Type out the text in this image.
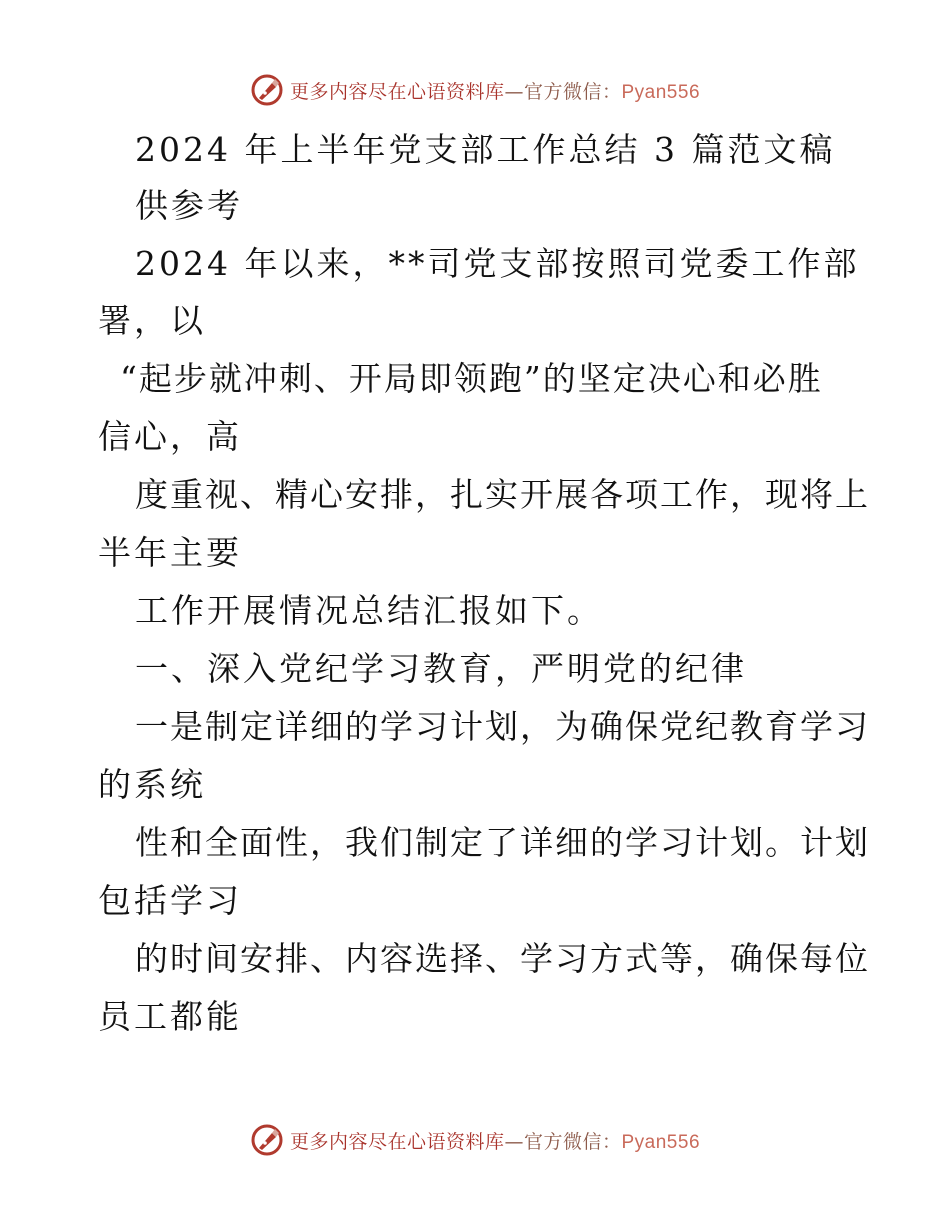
更多内容尽在心语资料库—官方微信：Pyan556
2024 年上半年党支部工作总结 3 篇范文稿
供参考
2024 年以来，**司党支部按照司党委工作部
署，以
“起步就冲刺、开局即领跑”的坚定决心和必胜
信心，高
度重视、精心安排，扎实开展各项工作，现将上
半年主要
工作开展情况总结汇报如下。
一、深入党纪学习教育，严明党的纪律
一是制定详细的学习计划，为确保党纪教育学习
的系统
性和全面性，我们制定了详细的学习计划。计划
包括学习
的时间安排、内容选择、学习方式等，确保每位
员工都能
更多内容尽在心语资料库—官方微信：Pyan556
